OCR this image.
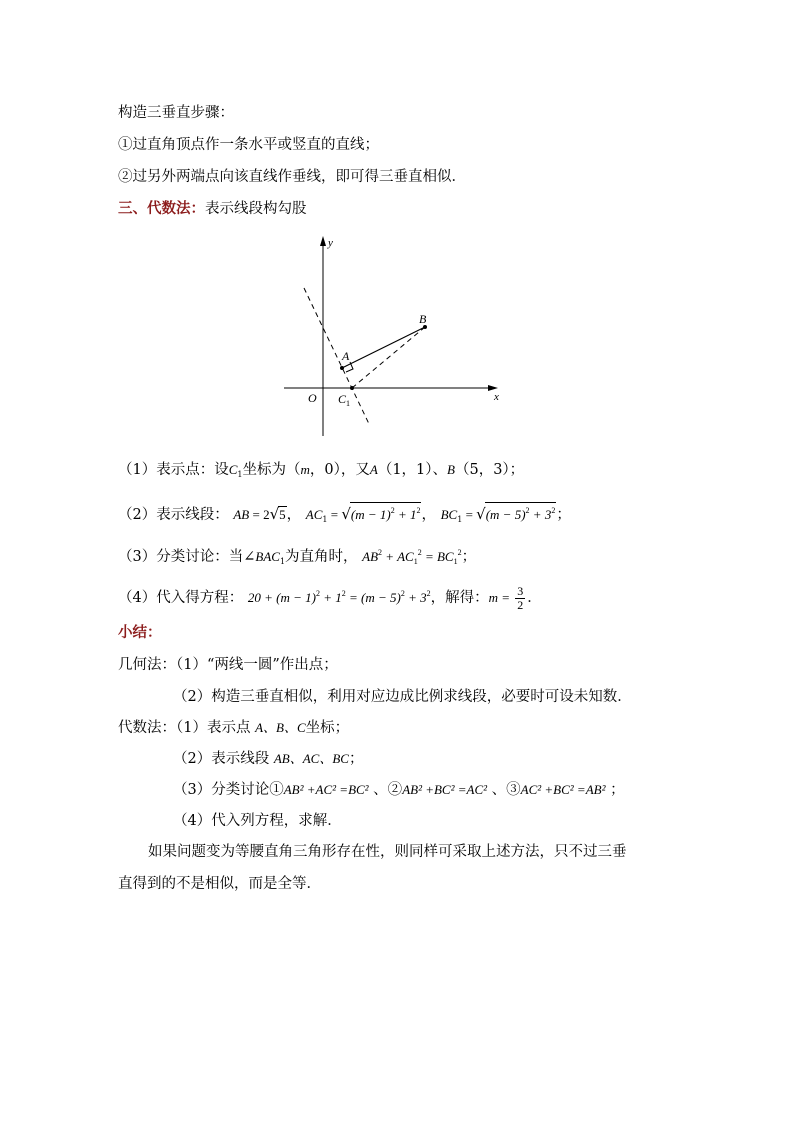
构造三垂直步骤：
①过直角顶点作一条水平或竖直的直线；
②过另外两端点向该直线作垂线，即可得三垂直相似．
三、代数法：表示线段构勾股
y
x
O
A
B
$C_1$
（1）表示点：设$C_1$坐标为（m，0），又A（1，1）、B（5，3）；
（2）表示线段： AB = 2√5， $AC_1 = √(m - 1)^2 + 1^2$， $BC_1 = √(m - 5)^2 + 3^2$；
（3）分类讨论：当$\angle BAC_1$为直角时， $AB^2 + AC_1^2 = BC_1^2$；
（4）代入得方程： $20 + (m - 1)^2 + 1^2 = (m - 5)^2 + 3^2$，解得：$m = \frac{3}{2}$ ．
小结：
几何法：（1）“两线一圆”作出点；
（2）构造三垂直相似，利用对应边成比例求线段，必要时可设未知数．
代数法：（1）表示点 A、B、C坐标；
（2）表示线段 AB、AC、BC；
（3）分类讨论①AB² +AC² =BC² 、②AB² +BC² =AC² 、③AC² +BC² =AB² ；
（4）代入列方程，求解．
如果问题变为等腰直角三角形存在性，则同样可采取上述方法，只不过三垂
直得到的不是相似，而是全等．
